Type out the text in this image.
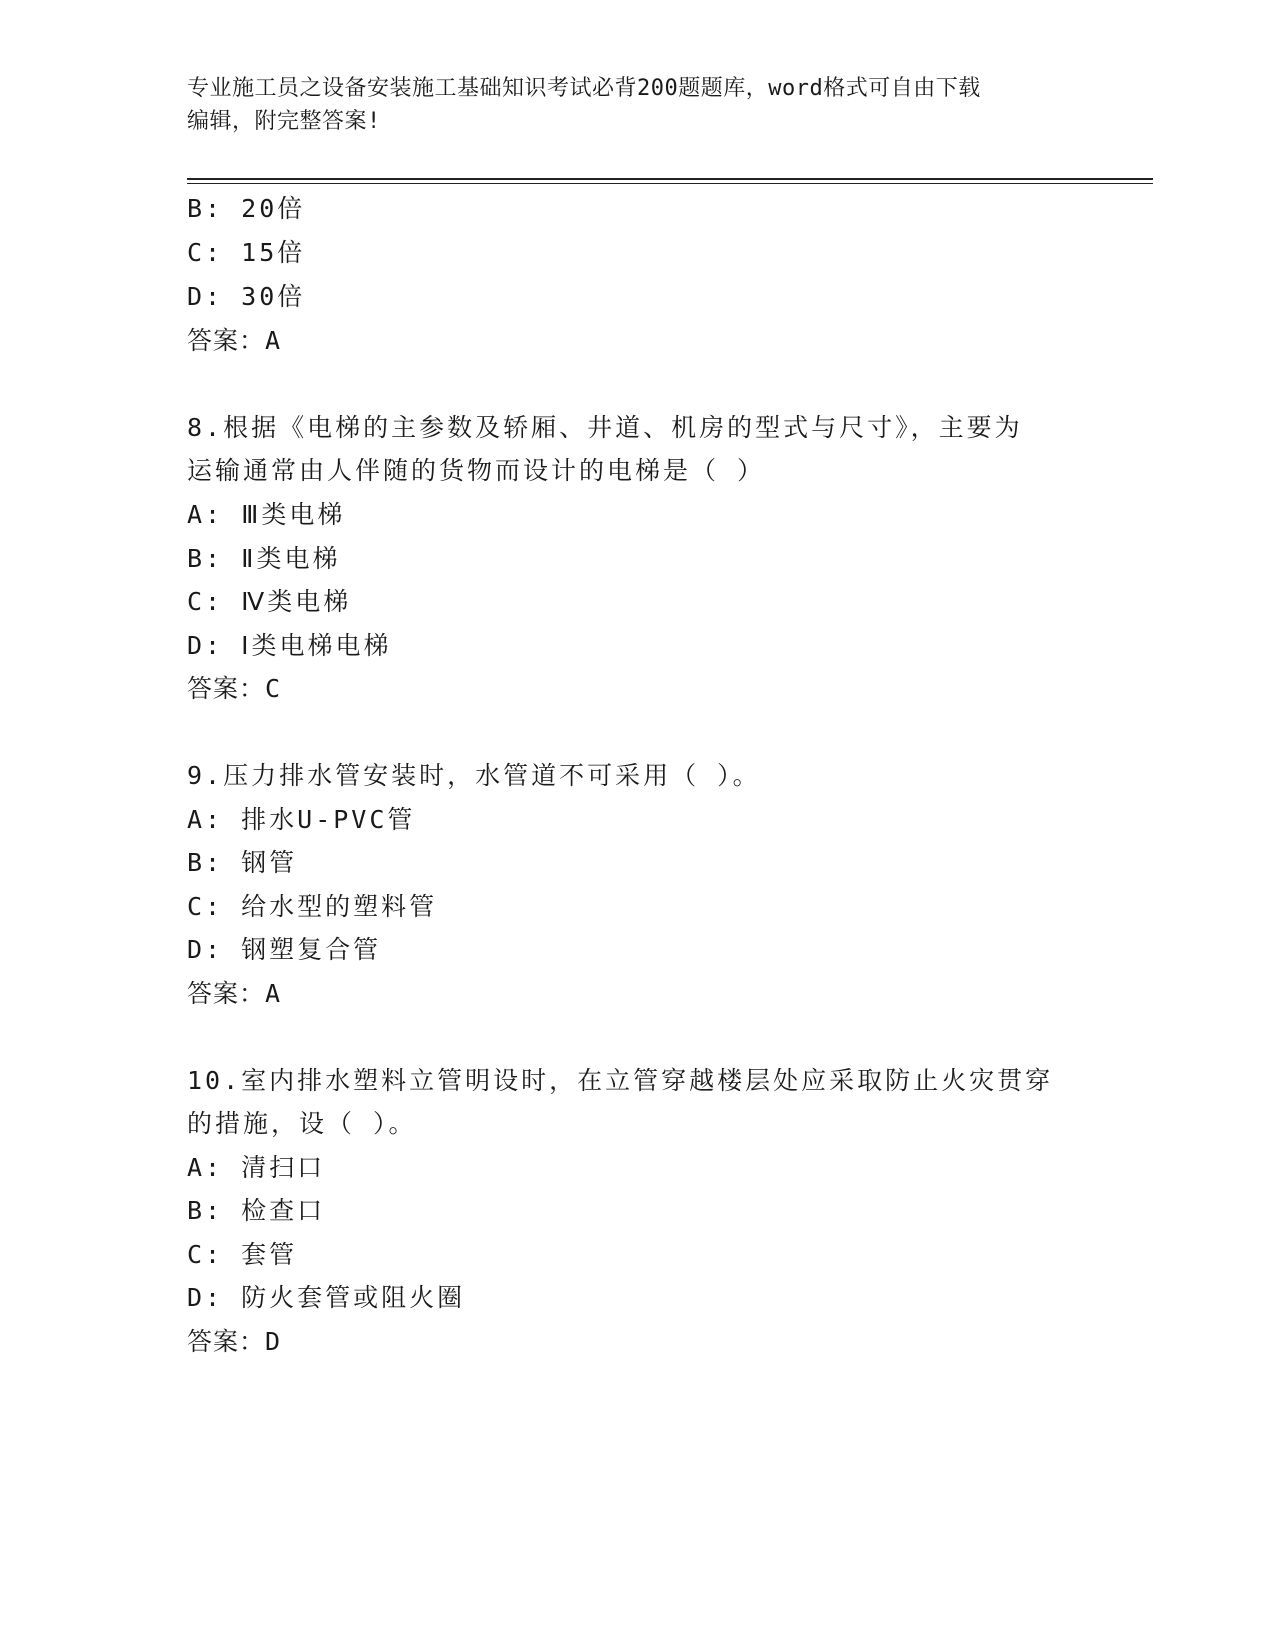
专业施工员之设备安装施工基础知识考试必背200题题库，word格式可自由下载
编辑，附完整答案!
B: 20倍
C: 15倍
D: 30倍
答案：A
8.根据《电梯的主参数及轿厢、井道、机房的型式与尺寸》，主要为
运输通常由人伴随的货物而设计的电梯是（ ）
A: Ⅲ类电梯
B: Ⅱ类电梯
C: Ⅳ类电梯
D: Ⅰ类电梯电梯
答案：C
9.压力排水管安装时，水管道不可采用（ ）。
A: 排水U-PVC管
B: 钢管
C: 给水型的塑料管
D: 钢塑复合管
答案：A
10.室内排水塑料立管明设时，在立管穿越楼层处应采取防止火灾贯穿
的措施，设（ ）。
A: 清扫口
B: 检查口
C: 套管
D: 防火套管或阻火圈
答案：D
